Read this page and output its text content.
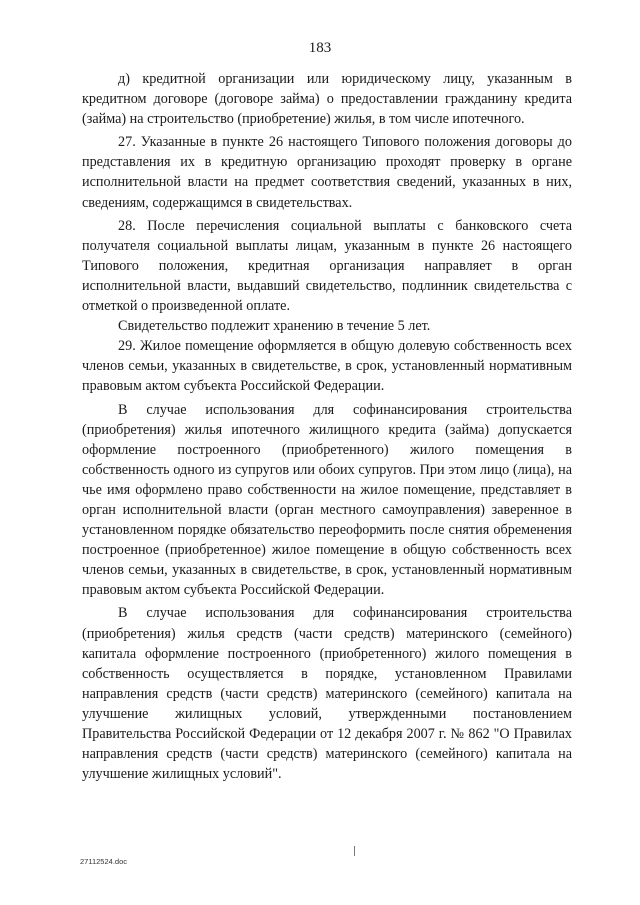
183

д) кредитной организации или юридическому лицу, указанным в кредитном договоре (договоре займа) о предоставлении гражданину кредита (займа) на строительство (приобретение) жилья, в том числе ипотечного.

27. Указанные в пункте 26 настоящего Типового положения договоры до представления их в кредитную организацию проходят проверку в органе исполнительной власти на предмет соответствия сведений, указанных в них, сведениям, содержащимся в свидетельствах.

28. После перечисления социальной выплаты с банковского счета получателя социальной выплаты лицам, указанным в пункте 26 настоящего Типового положения, кредитная организация направляет в орган исполнительной власти, выдавший свидетельство, подлинник свидетельства с отметкой о произведенной оплате.

Свидетельство подлежит хранению в течение 5 лет.

29. Жилое помещение оформляется в общую долевую собственность всех членов семьи, указанных в свидетельстве, в срок, установленный нормативным правовым актом субъекта Российской Федерации.

В случае использования для софинансирования строительства (приобретения) жилья ипотечного жилищного кредита (займа) допускается оформление построенного (приобретенного) жилого помещения в собственность одного из супругов или обоих супругов. При этом лицо (лица), на чье имя оформлено право собственности на жилое помещение, представляет в орган исполнительной власти (орган местного самоуправления) заверенное в установленном порядке обязательство переоформить после снятия обременения построенное (приобретенное) жилое помещение в общую собственность всех членов семьи, указанных в свидетельстве, в срок, установленный нормативным правовым актом субъекта Российской Федерации.

В случае использования для софинансирования строительства (приобретения) жилья средств (части средств) материнского (семейного) капитала оформление построенного (приобретенного) жилого помещения в собственность осуществляется в порядке, установленном Правилами направления средств (части средств) материнского (семейного) капитала на улучшение жилищных условий, утвержденными постановлением Правительства Российской Федерации от 12 декабря 2007 г. № 862 "О Правилах направления средств (части средств) материнского (семейного) капитала на улучшение жилищных условий".

27112524.doc
